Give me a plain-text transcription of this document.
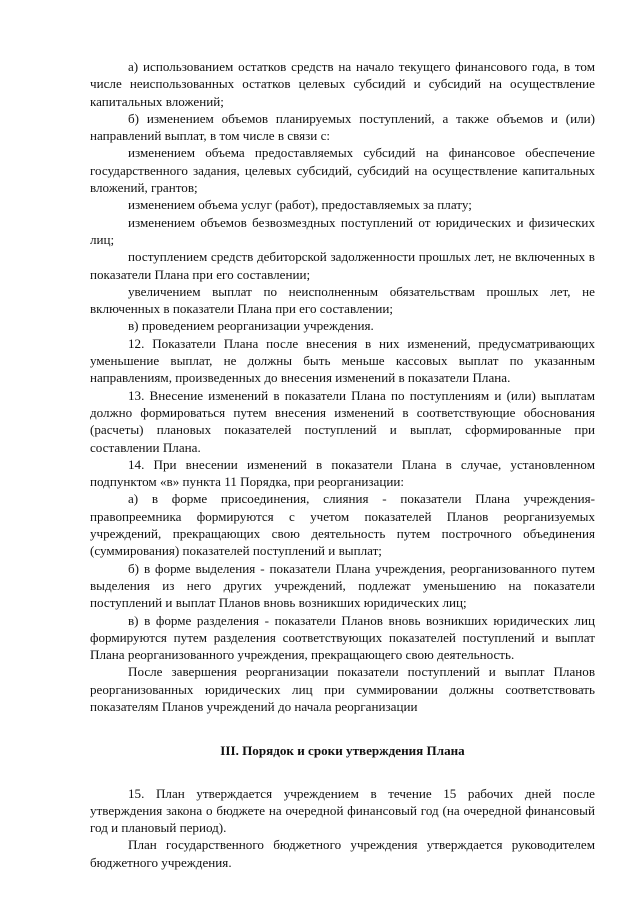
а) использованием остатков средств на начало текущего финансового года, в том числе неиспользованных остатков целевых субсидий и субсидий на осуществление капитальных вложений;

б) изменением объемов планируемых поступлений, а также объемов и (или) направлений выплат, в том числе в связи с:

изменением объема предоставляемых субсидий на финансовое обеспечение государственного задания, целевых субсидий, субсидий на осуществление капитальных вложений, грантов;

изменением объема услуг (работ), предоставляемых за плату;

изменением объемов безвозмездных поступлений от юридических и физических лиц;

поступлением средств дебиторской задолженности прошлых лет, не включенных в показатели Плана при его составлении;

увеличением выплат по неисполненным обязательствам прошлых лет, не включенных в показатели Плана при его составлении;

в) проведением реорганизации учреждения.

12. Показатели Плана после внесения в них изменений, предусматривающих уменьшение выплат, не должны быть меньше кассовых выплат по указанным направлениям, произведенных до внесения изменений в показатели Плана.

13. Внесение изменений в показатели Плана по поступлениям и (или) выплатам должно формироваться путем внесения изменений в соответствующие обоснования (расчеты) плановых показателей поступлений и выплат, сформированные при составлении Плана.

14. При внесении изменений в показатели Плана в случае, установленном подпунктом «в» пункта 11 Порядка, при реорганизации:

а) в форме присоединения, слияния - показатели Плана учреждения-правопреемника формируются с учетом показателей Планов реорганизуемых учреждений, прекращающих свою деятельность путем построчного объединения (суммирования) показателей поступлений и выплат;

б) в форме выделения - показатели Плана учреждения, реорганизованного путем выделения из него других учреждений, подлежат уменьшению на показатели поступлений и выплат Планов вновь возникших юридических лиц;

в) в форме разделения - показатели Планов вновь возникших юридических лиц формируются путем разделения соответствующих показателей поступлений и выплат Плана реорганизованного учреждения, прекращающего свою деятельность.

После завершения реорганизации показатели поступлений и выплат Планов реорганизованных юридических лиц при суммировании должны соответствовать показателям Планов учреждений до начала реорганизации

III. Порядок и сроки утверждения Плана

15. План утверждается учреждением в течение 15 рабочих дней после утверждения закона о бюджете на очередной финансовый год (на очередной финансовый год и плановый период).

План государственного бюджетного учреждения утверждается руководителем бюджетного учреждения.
